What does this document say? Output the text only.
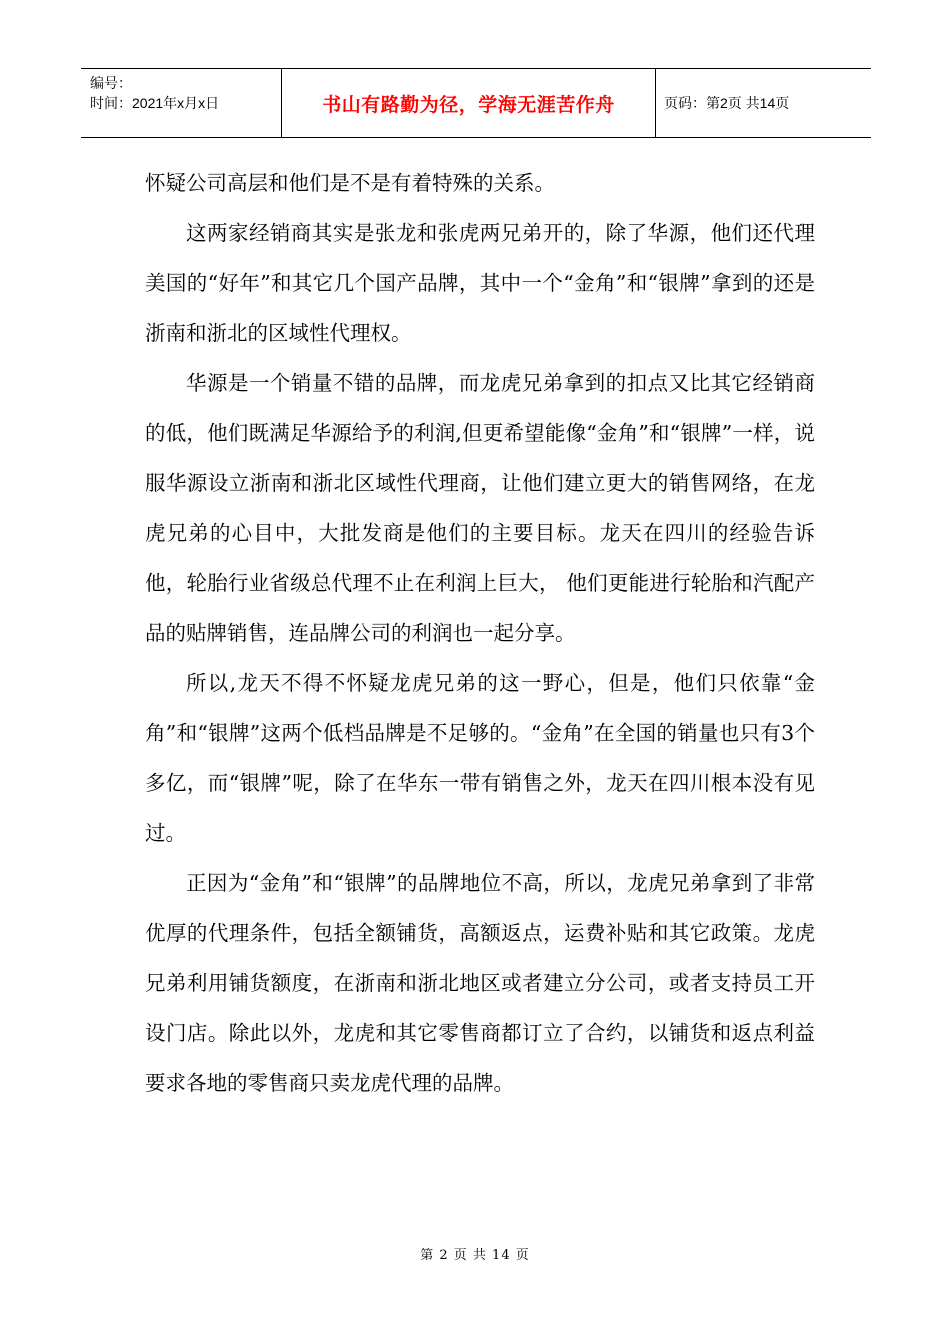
编号：
时间：2021年x月x日	书山有路勤为径，学海无涯苦作舟	页码：第2页 共14页

怀疑公司高层和他们是不是有着特殊的关系。

这两家经销商其实是张龙和张虎两兄弟开的，除了华源，他们还代理美国的“好年”和其它几个国产品牌，其中一个“金角”和“银牌”拿到的还是浙南和浙北的区域性代理权。

华源是一个销量不错的品牌，而龙虎兄弟拿到的扣点又比其它经销商的低，他们既满足华源给予的利润,但更希望能像“金角”和“银牌”一样，说服华源设立浙南和浙北区域性代理商，让他们建立更大的销售网络，在龙虎兄弟的心目中，大批发商是他们的主要目标。龙天在四川的经验告诉他，轮胎行业省级总代理不止在利润上巨大， 他们更能进行轮胎和汽配产品的贴牌销售，连品牌公司的利润也一起分享。

所以,龙天不得不怀疑龙虎兄弟的这一野心，但是，他们只依靠“金角”和“银牌”这两个低档品牌是不足够的。“金角”在全国的销量也只有3个多亿，而“银牌”呢，除了在华东一带有销售之外，龙天在四川根本没有见过。

正因为“金角”和“银牌”的品牌地位不高，所以，龙虎兄弟拿到了非常优厚的代理条件，包括全额铺货，高额返点，运费补贴和其它政策。龙虎兄弟利用铺货额度，在浙南和浙北地区或者建立分公司，或者支持员工开设门店。除此以外，龙虎和其它零售商都订立了合约，以铺货和返点利益要求各地的零售商只卖龙虎代理的品牌。

第 2 页 共 14 页
